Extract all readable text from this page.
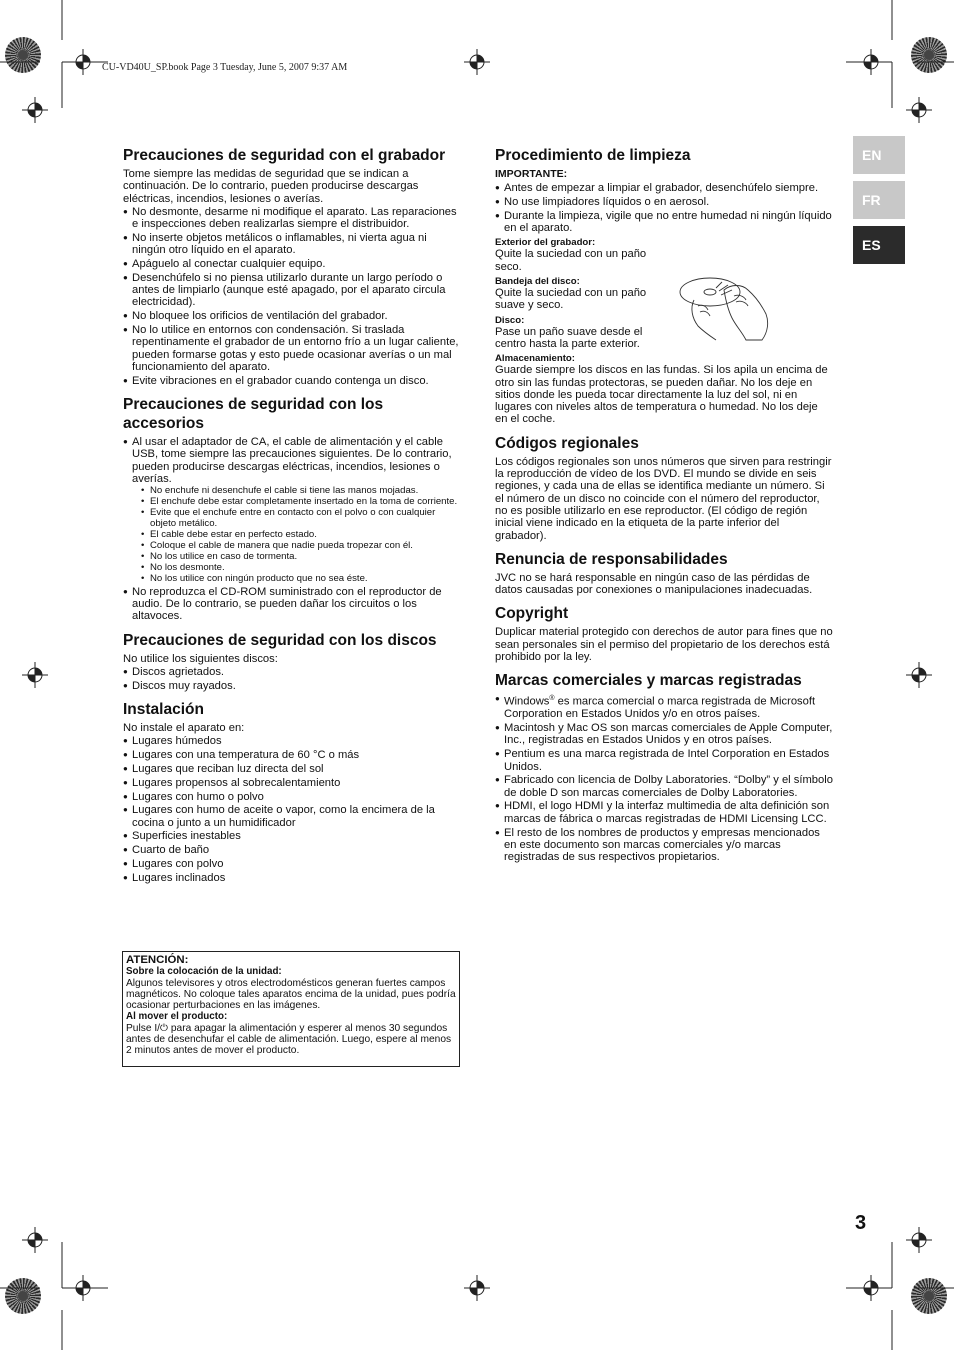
CU-VD40U_SP.book Page 3 Tuesday, June 5, 2007 9:37 AM
EN
FR
ES
Precauciones de seguridad con el grabador

Tome siempre las medidas de seguridad que se indican a continuación. De lo contrario, pueden producirse descargas eléctricas, incendios, lesiones o averías.

● No desmonte, desarme ni modifique el aparato. Las reparaciones e inspecciones deben realizarlas siempre el distribuidor.
● No inserte objetos metálicos o inflamables, ni vierta agua ni ningún otro líquido en el aparato.
● Apáguelo al conectar cualquier equipo.
● Desenchúfelo si no piensa utilizarlo durante un largo período o antes de limpiarlo (aunque esté apagado, por el aparato circula electricidad).
● No bloquee los orificios de ventilación del grabador.
● No lo utilice en entornos con condensación. Si traslada repentinamente el grabador de un entorno frío a un lugar caliente, pueden formarse gotas y esto puede ocasionar averías o un mal funcionamiento del aparato.
● Evite vibraciones en el grabador cuando contenga un disco.
Precauciones de seguridad con los accesorios
● Al usar el adaptador de CA, el cable de alimentación y el cable USB, tome siempre las precauciones siguientes. De lo contrario, pueden producirse descargas eléctricas, incendios, lesiones o averías.
• No enchufe ni desenchufe el cable si tiene las manos mojadas.
• El enchufe debe estar completamente insertado en la toma de corriente.
• Evite que el enchufe entre en contacto con el polvo o con cualquier objeto metálico.
• El cable debe estar en perfecto estado.
• Coloque el cable de manera que nadie pueda tropezar con él.
• No los utilice en caso de tormenta.
• No los desmonte.
• No los utilice con ningún producto que no sea éste.
● No reproduzca el CD-ROM suministrado con el reproductor de audio. De lo contrario, se pueden dañar los circuitos o los altavoces.
Precauciones de seguridad con los discos

No utilice los siguientes discos:

● Discos agrietados.
● Discos muy rayados.
Instalación

No instale el aparato en:

● Lugares húmedos
● Lugares con una temperatura de 60 °C o más
● Lugares que reciban luz directa del sol
● Lugares propensos al sobrecalentamiento
● Lugares con humo o polvo
● Lugares con humo de aceite o vapor, como la encimera de la cocina o junto a un humidificador
● Superficies inestables
● Cuarto de baño
● Lugares con polvo
● Lugares inclinados
ATENCIÓN:
Sobre la colocación de la unidad:
Algunos televisores y otros electrodomésticos generan fuertes campos magnéticos. No coloque tales aparatos encima de la unidad, pues podría ocasionar perturbaciones en las imágenes.
Al mover el producto:
Pulse I/⏻ para apagar la alimentación y esperer al menos 30 segundos antes de desenchufar el cable de alimentación. Luego, espere al menos 2 minutos antes de mover el producto.
Procedimiento de limpieza
IMPORTANTE:
● Antes de empezar a limpiar el grabador, desenchúfelo siempre.
● No use limpiadores líquidos o en aerosol.
● Durante la limpieza, vigile que no entre humedad ni ningún líquido en el aparato.
Exterior del grabador:

Quite la suciedad con un paño seco.

Bandeja del disco:

Quite la suciedad con un paño suave y seco.

Disco:

Pase un paño suave desde el centro hasta la parte exterior.

Almacenamiento:

Guarde siempre los discos en las fundas. Si los apila un encima de otro sin las fundas protectoras, se pueden dañar. No los deje en sitios donde les pueda tocar directamente la luz del sol, ni en lugares con niveles altos de temperatura o humedad. No los deje en el coche.

Códigos regionales

Los códigos regionales son unos números que sirven para restringir la reproducción de vídeo de los DVD. El mundo se divide en seis regiones, y cada una de ellas se identifica mediante un número. Si el número de un disco no coincide con el número del reproductor, no es posible utilizarlo en ese reproductor. (El código de región inicial viene indicado en la etiqueta de la parte inferior del grabador).

Renuncia de responsabilidades

JVC no se hará responsable en ningún caso de las pérdidas de datos causadas por conexiones o manipulaciones inadecuadas.

Copyright

Duplicar material protegido con derechos de autor para fines que no sean personales sin el permiso del propietario de los derechos está prohibido por la ley.

Marcas comerciales y marcas registradas
● Windows® es marca comercial o marca registrada de Microsoft Corporation en Estados Unidos y/o en otros países.
● Macintosh y Mac OS son marcas comerciales de Apple Computer, Inc., registradas en Estados Unidos y en otros países.
● Pentium es una marca registrada de Intel Corporation en Estados Unidos.
● Fabricado con licencia de Dolby Laboratories. “Dolby” y el símbolo de doble D son marcas comerciales de Dolby Laboratories.
● HDMI, el logo HDMI y la interfaz multimedia de alta definición son marcas de fábrica o marcas registradas de HDMI Licensing LCC.
● El resto de los nombres de productos y empresas mencionados en este documento son marcas comerciales y/o marcas registradas de sus respectivos propietarios.
3
